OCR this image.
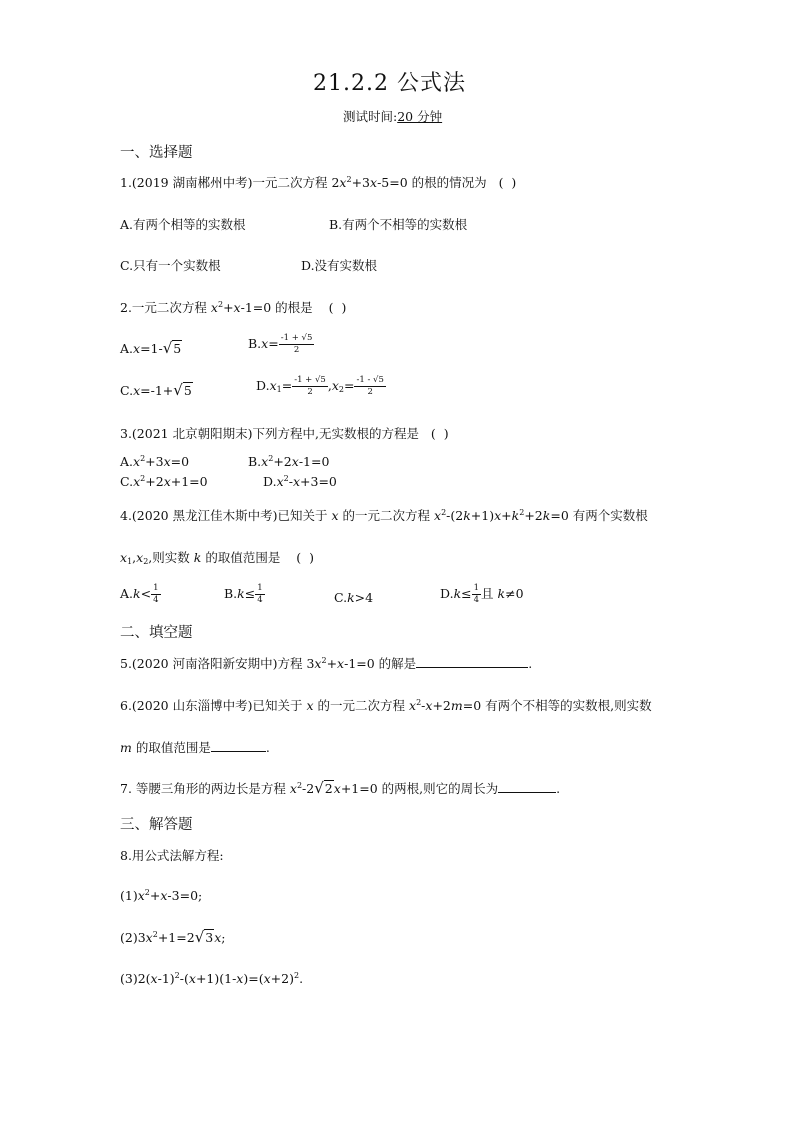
21.2.2 公式法
测试时间:20 分钟
一、选择题
1.(2019 湖南郴州中考)一元二次方程 $2x^2+3x-5=0$ 的根的情况为 ( )
A.有两个相等的实数根	B.有两个不相等的实数根
C.只有一个实数根	D.没有实数根
2.一元二次方程 $x^2+x-1=0$ 的根是 ( )
A.x=1-√5	$B.x= \frac{-1 + √5}{2}$
C.x=-1+√5	$D.x_1= \frac{-1 + √5}{2} ,x_2= \frac{-1 - √5}{2}$
3.(2021 北京朝阳期末)下列方程中,无实数根的方程是 ( )
$A.x^2+3x=0$	$B.x^2+2x-1=0$
$C.x^2+2x+1=0$	$D.x^2-x+3=0$
4.(2020 黑龙江佳木斯中考)已知关于 x 的一元二次方程 $x^2-(2k+1)x+k^2+2k=0$ 有两个实数根
$x_1,x_2$,则实数 k 的取值范围是 ( )
$A.k< \frac{1}{4}$	$B.k\le \frac{1}{4}$	C.k>4	$D.k\le \frac{1}{4}$ 且 k≠0
二、填空题
5.(2020 河南洛阳新安期中)方程 $3x^2+x-1=0$ 的解是	.
6.(2020 山东淄博中考)已知关于 x 的一元二次方程 $x^2-x+2m=0$ 有两个不相等的实数根,则实数
m 的取值范围是	.
7. 等腰三角形的两边长是方程 $x^2-2√2x+1=0$ 的两根,则它的周长为	.
三、解答题
8.用公式法解方程:
$(1)x^2+x-3=0$;
$(2)3x^2+1=2√3x$;
$(3)2(x-1)^2-(x+1)(1-x)=(x+2)^2$.
